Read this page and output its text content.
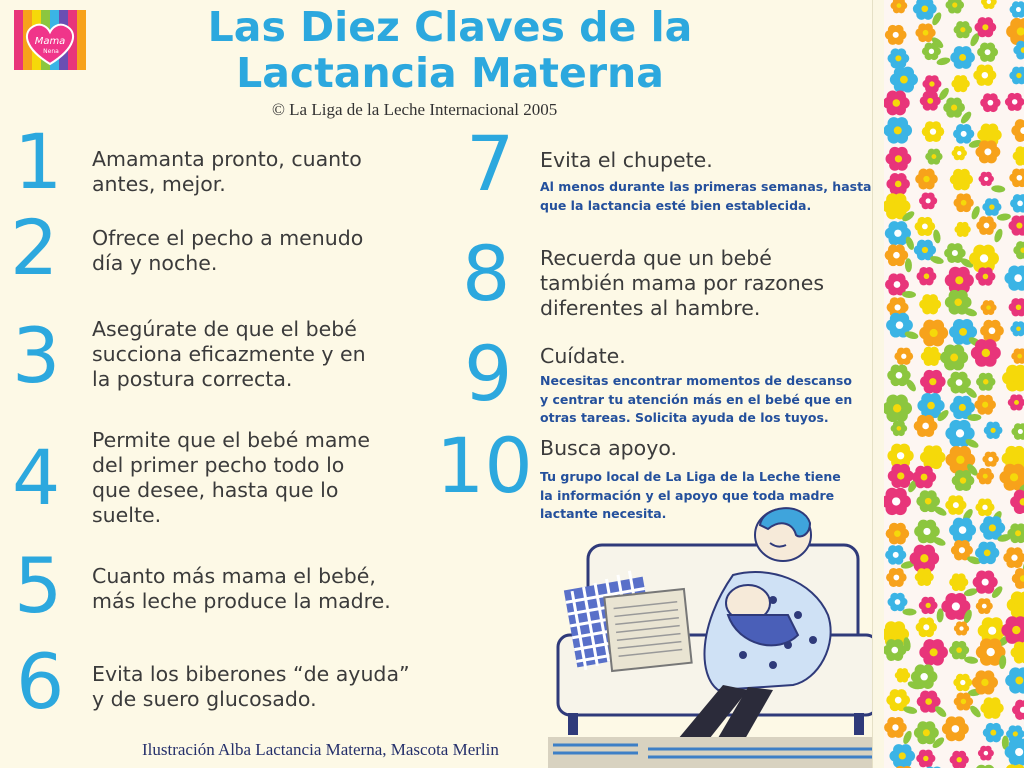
Mama
Nena
Las Diez Claves de la
Lactancia Materna
© La Liga de la Leche Internacional 2005
1 Amamanta pronto, cuanto
antes, mejor.
2 Ofrece el pecho a menudo
día y noche.
3 Asegúrate de que el bebé
succiona eficazmente y en
la postura correcta.
4 Permite que el bebé mame
del primer pecho todo lo
que desee, hasta que lo
suelte.
5 Cuanto más mama el bebé,
más leche produce la madre.
6 Evita los biberones “de ayuda”
y de suero glucosado.
7 Evita el chupete.
Al menos durante las primeras semanas, hasta
que la lactancia esté bien establecida.
8 Recuerda que un bebé
también mama por razones
diferentes al hambre.
9 Cuídate.
Necesitas encontrar momentos de descanso
y centrar tu atención más en el bebé que en
otras tareas. Solicita ayuda de los tuyos.
10 Busca apoyo.
Tu grupo local de La Liga de la Leche tiene
la información y el apoyo que toda madre
lactante necesita.
Ilustración Alba Lactancia Materna, Mascota Merlin
